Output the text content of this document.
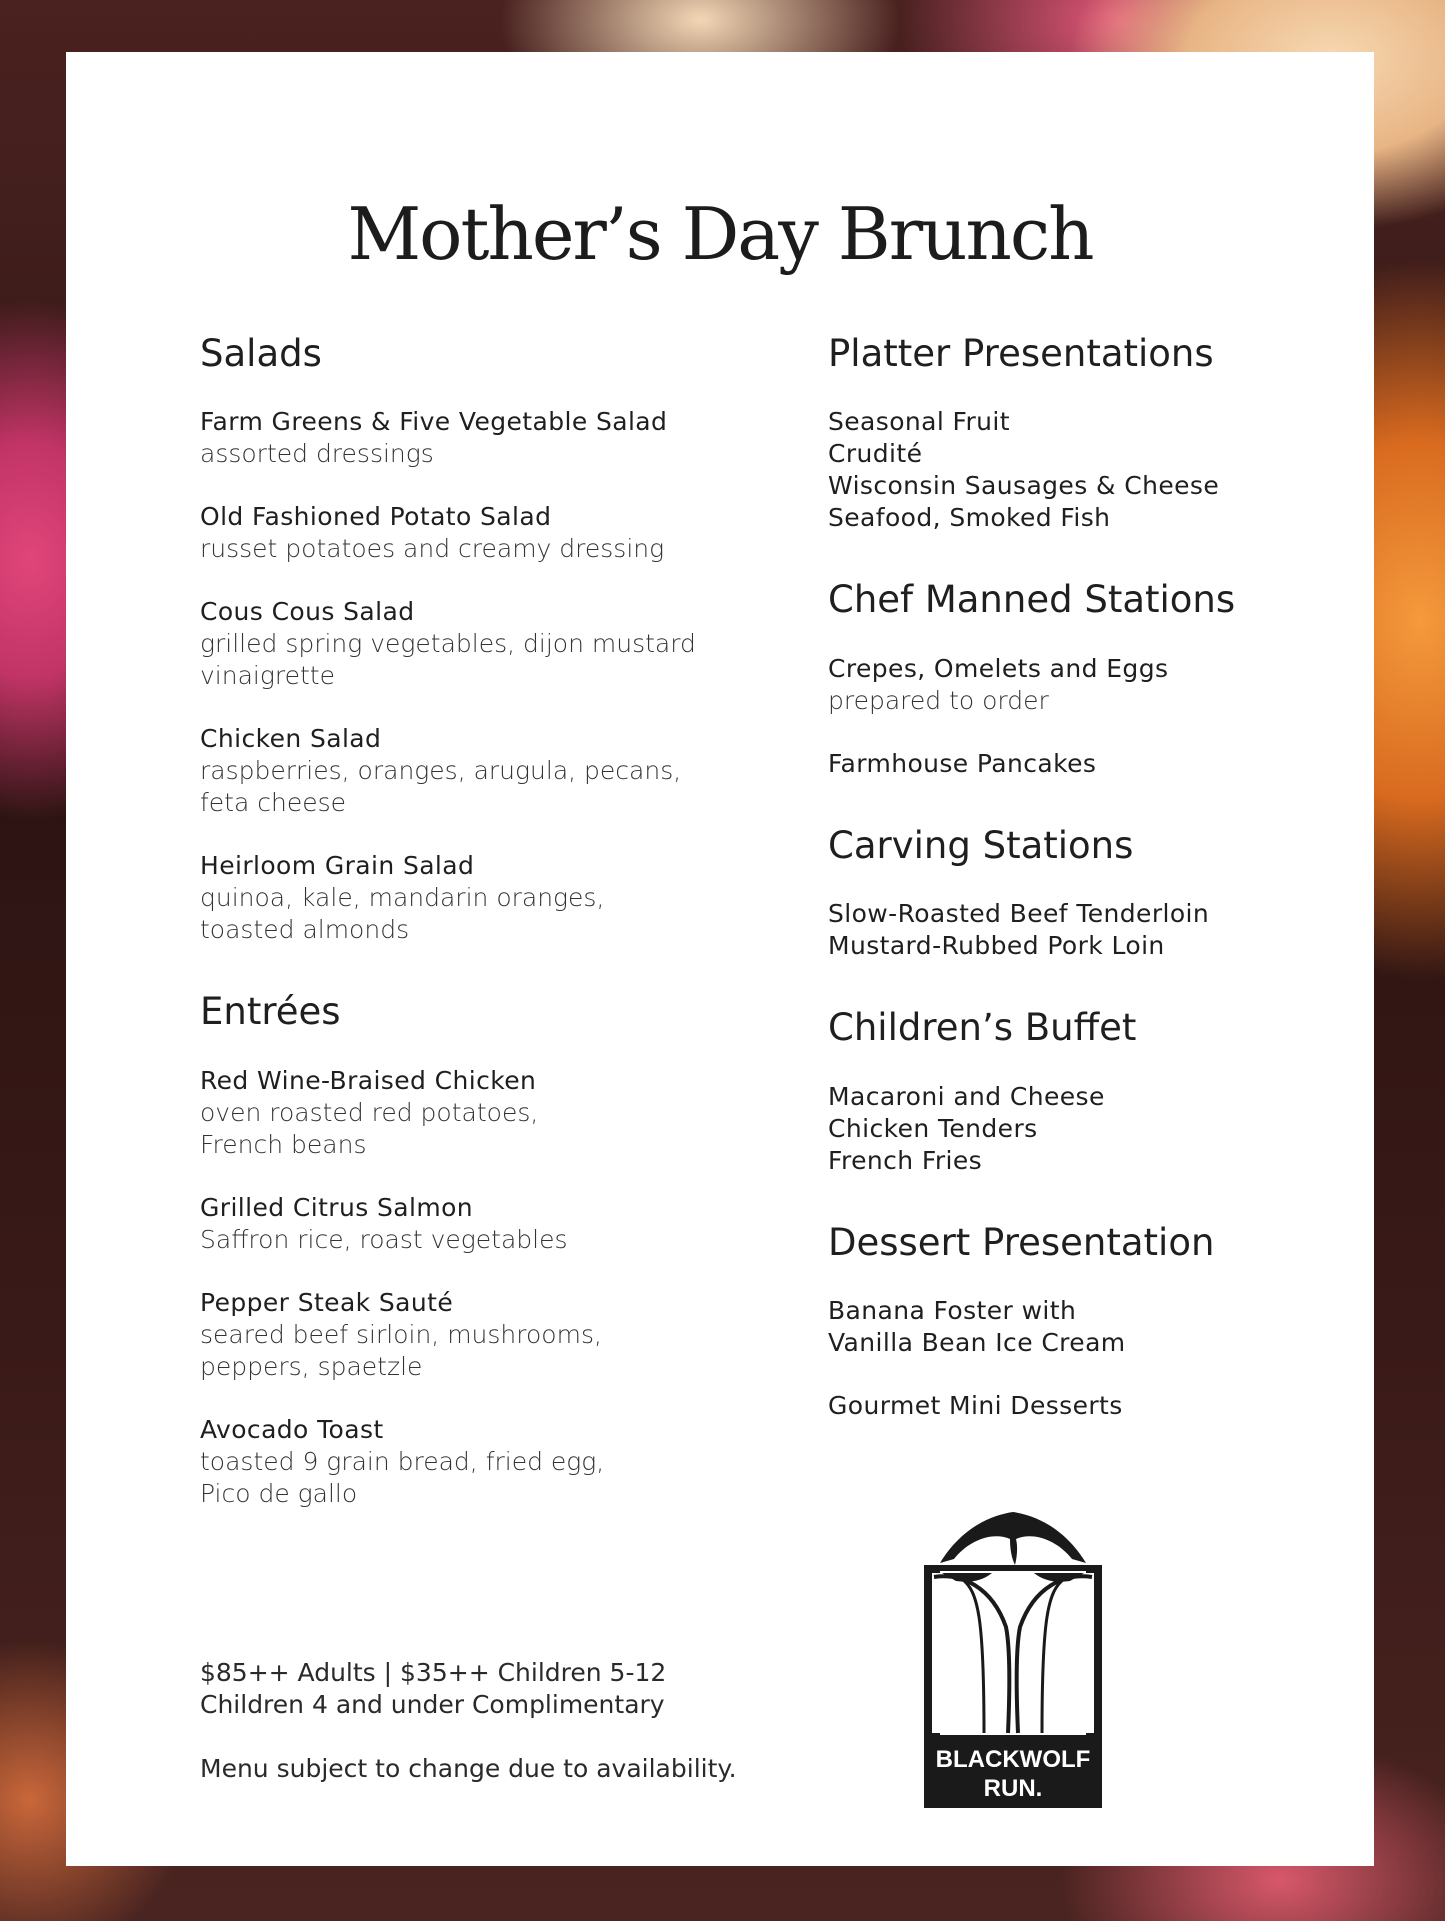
Mother’s Day Brunch
Salads

Farm Greens & Five Vegetable Salad

assorted dressings

Old Fashioned Potato Salad

russet potatoes and creamy dressing

Cous Cous Salad

grilled spring vegetables, dijon mustard

vinaigrette

Chicken Salad

raspberries, oranges, arugula, pecans,

feta cheese

Heirloom Grain Salad

quinoa, kale, mandarin oranges,

toasted almonds

Entrées

Red Wine-Braised Chicken

oven roasted red potatoes,

French beans

Grilled Citrus Salmon

Saffron rice, roast vegetables

Pepper Steak Sauté

seared beef sirloin, mushrooms,

peppers, spaetzle

Avocado Toast

toasted 9 grain bread, fried egg,

Pico de gallo

Platter Presentations

Seasonal Fruit

Crudité

Wisconsin Sausages & Cheese

Seafood, Smoked Fish

Chef Manned Stations

Crepes, Omelets and Eggs

prepared to order

Farmhouse Pancakes

Carving Stations

Slow-Roasted Beef Tenderloin

Mustard-Rubbed Pork Loin

Children’s Buffet

Macaroni and Cheese

Chicken Tenders

French Fries

Dessert Presentation

Banana Foster with

Vanilla Bean Ice Cream

Gourmet Mini Desserts

$85++ Adults | $35++ Children 5-12

Children 4 and under Complimentary

Menu subject to change due to availability.	BLACKWOLF
RUN.
